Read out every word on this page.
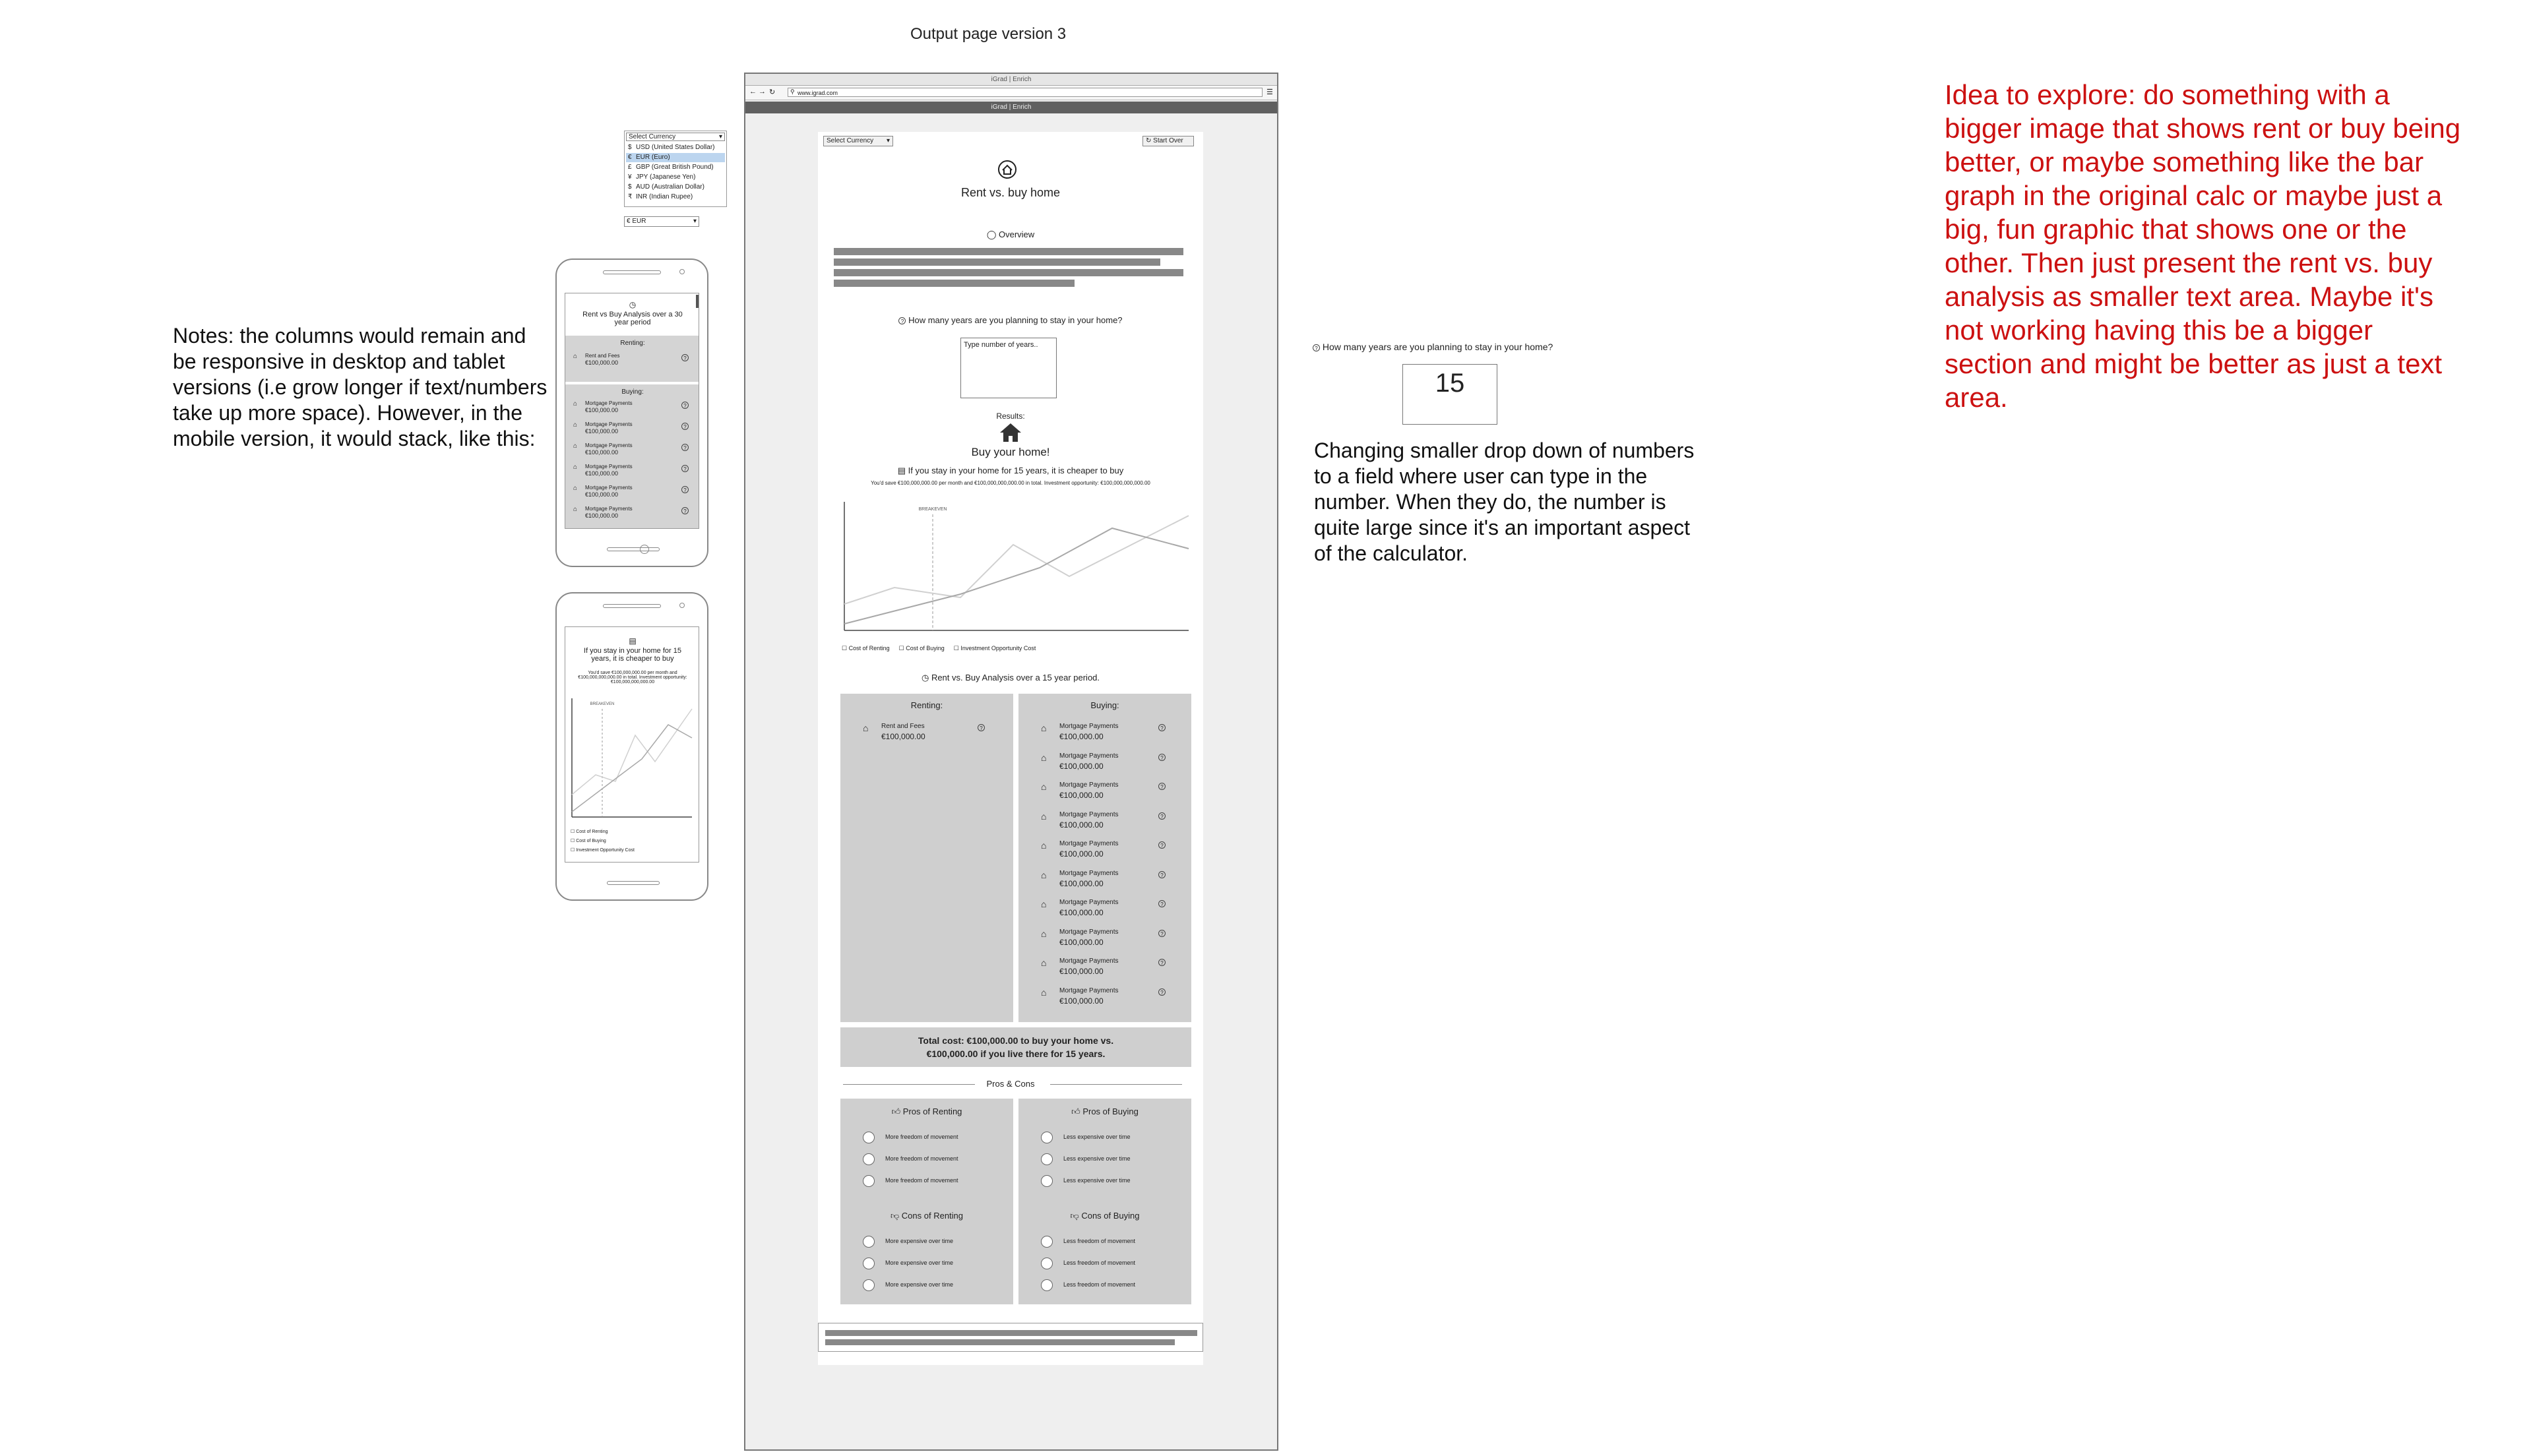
Output page version 3
iGrad | Enrich
← → ↻	www.igrad.com
⚲	☰
iGrad | Enrich
Select Currency ▾	↻ Start Over
Rent vs. buy home
◯ Overview
? How many years are you planning to stay in your home?
Type number of years..
Results:
Buy your home!
▤ If you stay in your home for 15 years, it is cheaper to buy
You'd save €100,000,000.00 per month and €100,000,000,000.00 in total. Investment opportunity: €100,000,000,000.00
BREAKEVEN
☐ Cost of Renting ☐ Cost of Buying ☐ Investment Opportunity Cost
◷ Rent vs. Buy Analysis over a 15 year period.
Renting:
⌂ Rent and Fees
€100,000.00
?
Buying:
⌂ Mortgage Payments
€100,000.00
?
⌂ Mortgage Payments
€100,000.00
?
⌂ Mortgage Payments
€100,000.00
?
⌂ Mortgage Payments
€100,000.00
?
⌂ Mortgage Payments
€100,000.00
?
⌂ Mortgage Payments
€100,000.00
?
⌂ Mortgage Payments
€100,000.00
?
⌂ Mortgage Payments
€100,000.00
?
⌂ Mortgage Payments
€100,000.00
?
⌂ Mortgage Payments
€100,000.00
?
Total cost: €100,000.00 to buy your home vs.
€100,000.00 if you live there for 15 years.
Pros & Cons
👍︎ Pros of Renting
More freedom of movement
More freedom of movement
More freedom of movement
👎︎ Cons of Renting
More expensive over time
More expensive over time
More expensive over time
👍︎ Pros of Buying
Less expensive over time
Less expensive over time
Less expensive over time
👎︎ Cons of Buying
Less freedom of movement
Less freedom of movement
Less freedom of movement
Select Currency	▾
$ USD (United States Dollar)
€ EUR (Euro)
£ GBP (Great British Pound)
¥ JPY (Japanese Yen)
$ AUD (Australian Dollar)
₹ INR (Indian Rupee)
€ EUR	▾
Notes: the columns would remain and be responsive in desktop and tablet versions (i.e grow longer if text/numbers take up more space). However, in the mobile version, it would stack, like this:
◷
Rent vs Buy Analysis over a 30 year period
Renting:
⌂ Rent and Fees
€100,000.00
?
Buying:
⌂ Mortgage Payments
€100,000.00
?
⌂ Mortgage Payments
€100,000.00
?
⌂ Mortgage Payments
€100,000.00
?
⌂ Mortgage Payments
€100,000.00
?
⌂ Mortgage Payments
€100,000.00
?
⌂ Mortgage Payments
€100,000.00
?
▤
If you stay in your home for 15 years, it is cheaper to buy
You'd save €100,000,000.00 per month and €100,000,000,000.00 in total. Investment opportunity: €100,000,000,000.00
BREAKEVEN
☐ Cost of Renting
☐ Cost of Buying
☐ Investment Opportunity Cost
? How many years are you planning to stay in your home?
15
Changing smaller drop down of numbers to a field where user can type in the number. When they do, the number is quite large since it's an important aspect of the calculator.
Idea to explore: do something with a bigger image that shows rent or buy being better, or maybe something like the bar graph in the original calc or maybe just a big, fun graphic that shows one or the other. Then just present the rent vs. buy analysis as smaller text area. Maybe it's not working having this be a bigger section and might be better as just a text area.
